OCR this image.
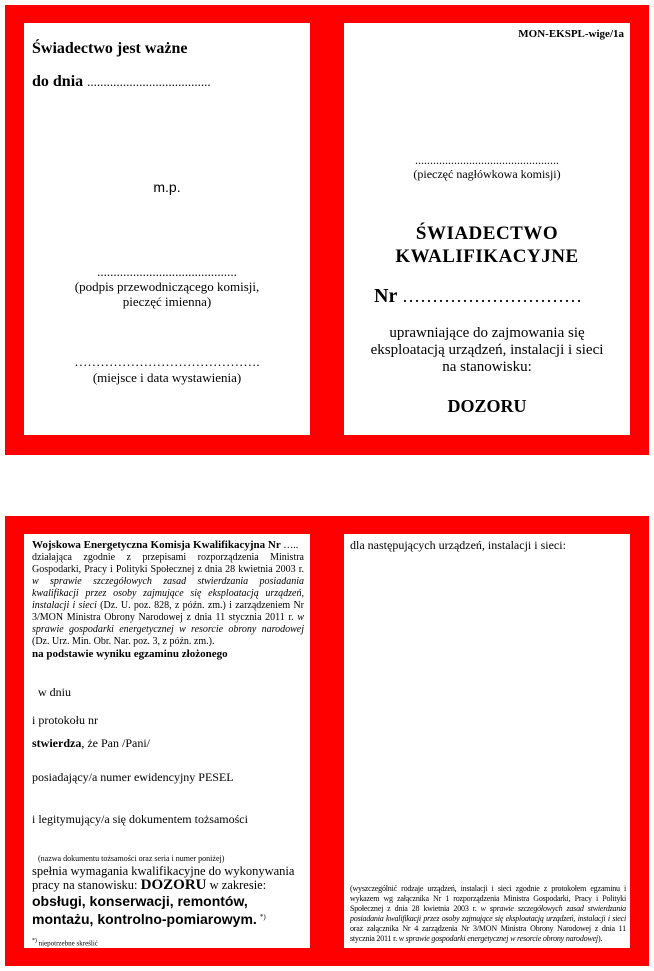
Świadectwo jest ważne
do dnia ......................................
m.p.

...........................................

(podpis przewodniczącego komisji,

pieczęć imienna)

…………………………………….

(miejsce i data wystawienia)

MON-EKSPL-wige/1a

................................................

(pieczęć nagłówkowa komisji)

ŚWIADECTWO

KWALIFIKACYJNE

Nr …………………………

uprawniające do zajmowania się

eksploatacją urządzeń, instalacji i sieci

na stanowisku:

DOZORU

Wojskowa Energetyczna Komisja Kwalifikacyjna Nr …..

działająca zgodnie z przepisami rozporządzenia Ministra Gospodarki, Pracy i Polityki Społecznej z dnia 28 kwietnia 2003 r. w sprawie szczegółowych zasad stwierdzania posiadania kwalifikacji przez osoby zajmujące się eksploatacją urządzeń, instalacji i sieci (Dz. U. poz. 828, z późn. zm.) i zarządzeniem Nr 3/MON Ministra Obrony Narodowej z dnia 11 stycznia 2011 r. w sprawie gospodarki energetycznej w resorcie obrony narodowej (Dz. Urz. Min. Obr. Nar. poz. 3, z późn. zm.).

na podstawie wyniku egzaminu złożonego

w dniu
i protokołu nr
stwierdza, że Pan /Pani/
posiadający/a numer ewidencyjny PESEL
i legitymujący/a się dokumentem tożsamości
(nazwa dokumentu tożsamości oraz seria i numer poniżej)

spełnia wymagania kwalifikacyjne do wykonywania

pracy na stanowisku: DOZORU w zakresie:

obsługi, konserwacji, remontów,

montażu, kontrolno-pomiarowym. *)

*) niepotrzebne skreślić
dla następujących urządzeń, instalacji i sieci:
(wyszczególnić rodzaje urządzeń, instalacji i sieci zgodnie z protokołem egzaminu i wykazem wg załącznika Nr 1 rozporządzenia Ministra Gospodarki, Pracy i Polityki Społecznej z dnia 28 kwietnia 2003 r. w sprawie szczegółowych zasad stwierdzania posiadania kwalifikacji przez osoby zajmujące się eksploatacją urządzeń, instalacji i sieci oraz załącznika Nr 4 zarządzenia Nr 3/MON Ministra Obrony Narodowej z dnia 11 stycznia 2011 r. w sprawie gospodarki energetycznej w resorcie obrony narodowej).
